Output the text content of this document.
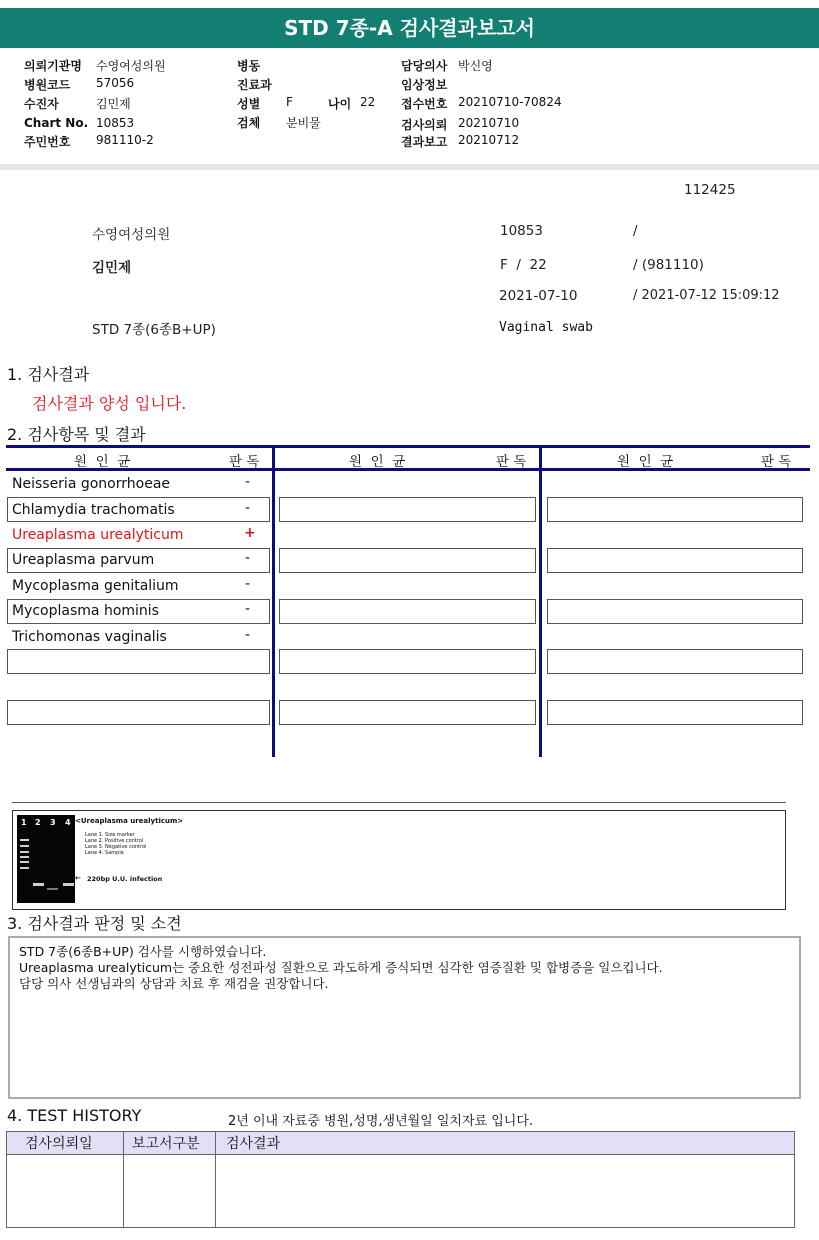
STD 7종-A 검사결과보고서
의뢰기관명 수영여성의원
병원코드 57056
수진자	김민제
Chart No. 10853
주민번호 981110-2
병동
진료과
성별 F	나이 22
검체 분비물
담당의사 박신영
임상정보
접수번호 20210710-70824
검사의뢰 20210710
결과보고 20210712
112425
수영여성의원	10853	/
김민제	F  /  22	/ (981110)
2021-07-10	/ 2021-07-12 15:09:12
STD 7종(6종B+UP)	Vaginal swab
1. 검사결과
검사결과 양성 입니다.
2. 검사항목 및 결과
원  인  균	판 독	원  인  균	판 독	원  인  균	판 독
Neisseria gonorrhoeae	-
Chlamydia trachomatis	-
Ureaplasma urealyticum	+
Ureaplasma parvum	-
Mycoplasma genitalium	-
Mycoplasma hominis	-
Trichomonas vaginalis	-
1 2 3 4 <Ureaplasma urealyticum>
Lane 1. Size marker
Lane 2. Positive control
Lane 3. Negative control
Lane 4. Sample
← 220bp U.U. infection
3. 검사결과 판정 및 소견
STD 7종(6종B+UP) 검사를 시행하였습니다.
Ureaplasma urealyticum는 중요한 성전파성 질환으로 과도하게 증식되면 심각한 염증질환 및 합병증을 일으킵니다.
담당 의사 선생님과의 상담과 치료 후 재검을 권장합니다.
4. TEST HISTORY	2년 이내 자료중 병원,성명,생년월일 일치자료 입니다.
검사의뢰일	보고서구분	검사결과
